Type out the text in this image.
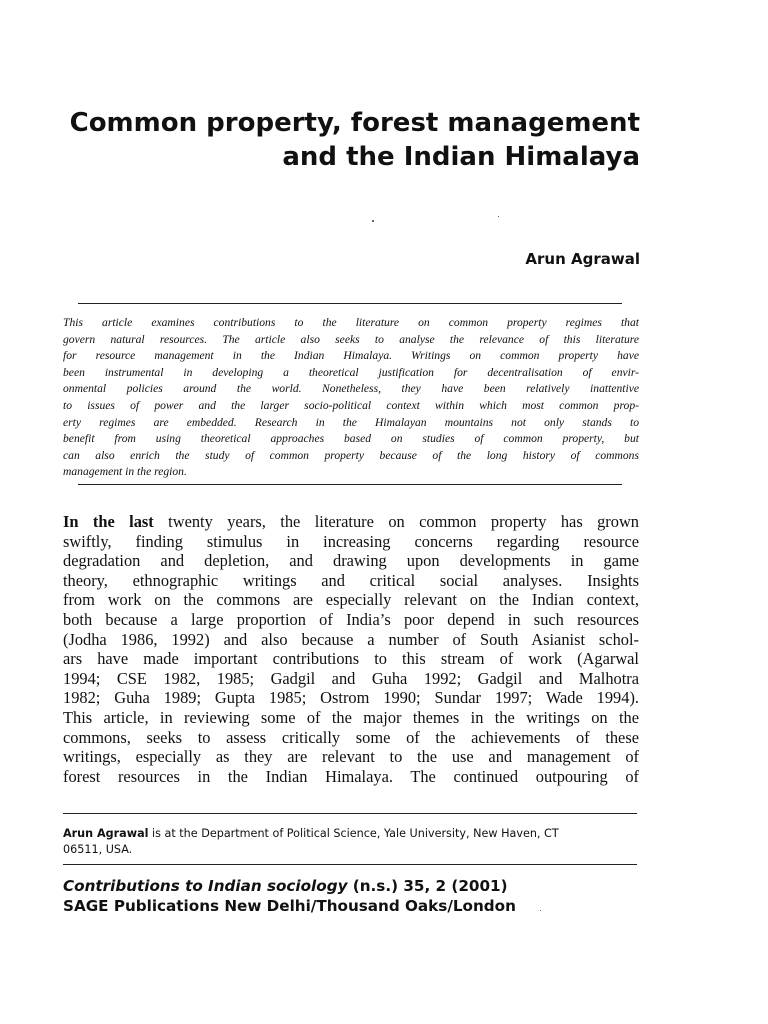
Common property, forest management
and the Indian Himalaya
Arun Agrawal
This article examines contributions to the literature on common property regimes that
govern natural resources. The article also seeks to analyse the relevance of this literature
for resource management in the Indian Himalaya. Writings on common property have
been instrumental in developing a theoretical justification for decentralisation of envir-
onmental policies around the world. Nonetheless, they have been relatively inattentive
to issues of power and the larger socio-political context within which most common prop-
erty regimes are embedded. Research in the Himalayan mountains not only stands to
benefit from using theoretical approaches based on studies of common property, but
can also enrich the study of common property because of the long history of commons
management in the region.
In the last twenty years, the literature on common property has grown
swiftly, finding stimulus in increasing concerns regarding resource
degradation and depletion, and drawing upon developments in game
theory, ethnographic writings and critical social analyses. Insights
from work on the commons are especially relevant on the Indian context,
both because a large proportion of India’s poor depend in such resources
(Jodha 1986, 1992) and also because a number of South Asianist schol-
ars have made important contributions to this stream of work (Agarwal
1994; CSE 1982, 1985; Gadgil and Guha 1992; Gadgil and Malhotra
1982; Guha 1989; Gupta 1985; Ostrom 1990; Sundar 1997; Wade 1994).
This article, in reviewing some of the major themes in the writings on the
commons, seeks to assess critically some of the achievements of these
writings, especially as they are relevant to the use and management of
forest resources in the Indian Himalaya. The continued outpouring of
Arun Agrawal is at the Department of Political Science, Yale University, New Haven, CT
06511, USA.
Contributions to Indian sociology (n.s.) 35, 2 (2001)
SAGE Publications New Delhi/Thousand Oaks/London
